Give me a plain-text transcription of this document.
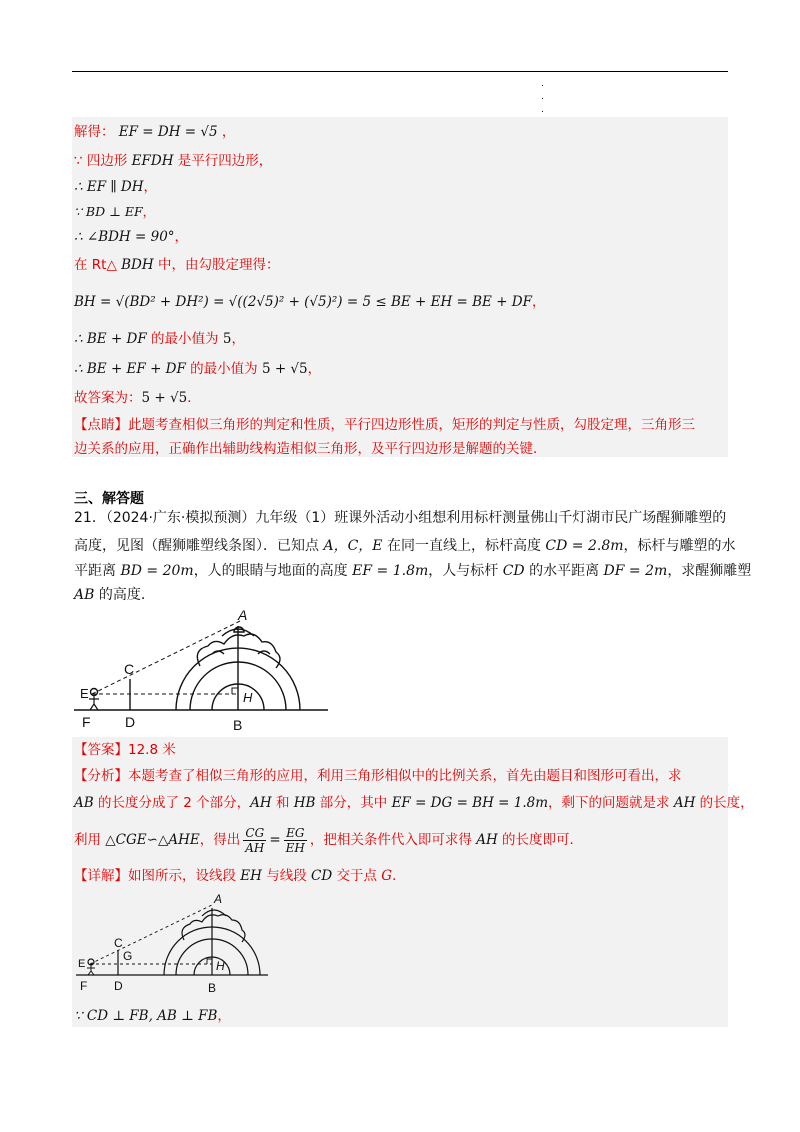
.
.
.
解得： EF = DH = √5 ，
∵ 四边形 EFDH 是平行四边形，
∴ EF ∥ DH，
∵ BD ⊥ EF，
∴ ∠BDH = 90°，
在 Rt△ BDH 中，由勾股定理得：
BH = √(BD² + DH²) = √((2√5)² + (√5)²) = 5 ≤ BE + EH = BE + DF，
∴ BE + DF 的最小值为 5，
∴ BE + EF + DF 的最小值为 5 + √5，
故答案为：5 + √5．
【点睛】此题考查相似三角形的判定和性质，平行四边形性质，矩形的判定与性质，勾股定理，三角形三
边关系的应用，正确作出辅助线构造相似三角形，及平行四边形是解题的关键．
三、解答题
21．（2024·广东·模拟预测）九年级（1）班课外活动小组想利用标杆测量佛山千灯湖市民广场醒狮雕塑的
高度，见图（醒狮雕塑线条图）．已知点 A，C，E 在同一直线上，标杆高度 CD = 2.8m，标杆与雕塑的水
平距离 BD = 20m，人的眼睛与地面的高度 EF = 1.8m，人与标杆 CD 的水平距离 DF = 2m，求醒狮雕塑
AB 的高度．
A
C
E	H
F D	B
【答案】12.8 米
【分析】本题考查了相似三角形的应用，利用三角形相似中的比例关系，首先由题目和图形可看出，求
AB 的长度分成了 2 个部分，AH 和 HB 部分，其中 EF = DG = BH = 1.8m，剩下的问题就是求 AH 的长度，
利用 △CGE∽△AHE，得出 $\frac{CG}{AH} = \frac{EG}{EH}$ ，把相关条件代入即可求得 AH 的长度即可．
【详解】如图所示，设线段 EH 与线段 CD 交于点 G．
A
C
G
E	H
F D	B
∵ CD ⊥ FB, AB ⊥ FB，
